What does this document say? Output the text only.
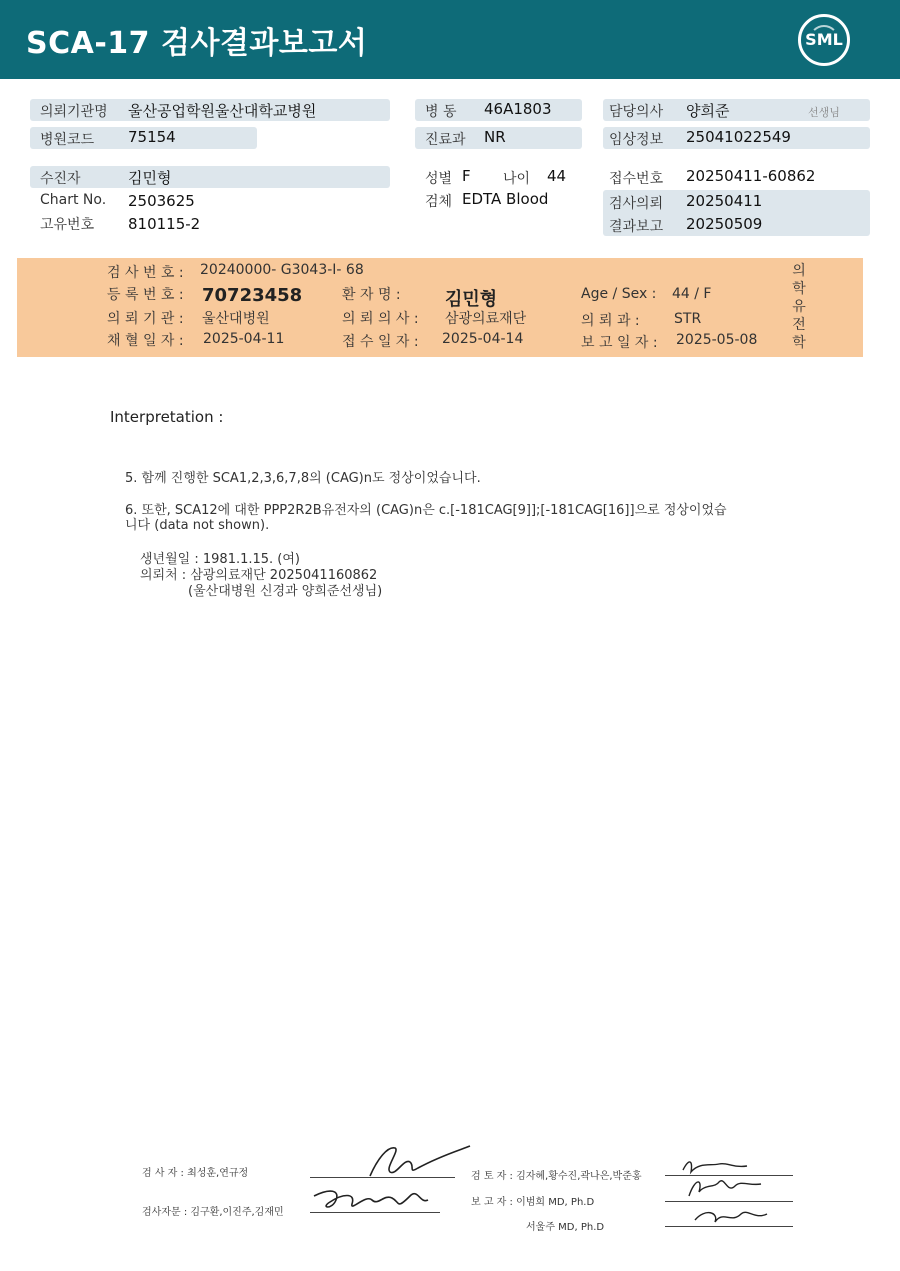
SCA-17 검사결과보고서	SML
의뢰기관명 울산공업학원울산대학교병원
병원코드 75154
병 동 46A1803
진료과 NR
담당의사 양희준	선생님
임상정보 25041022549
수진자	김민형
Chart No. 2503625
고유번호 810115-2
성별 F 나이 44
검체 EDTA Blood
접수번호 20250411-60862
검사의뢰 20250411
결과보고 20250509
검 사 번 호 : 20240000- G3043-I- 68
등 록 번 호 : 70723458	환 자 명 : 김민형	Age / Sex : 44 / F
의 뢰 기 관 : 울산대병원	의 뢰 의 사 : 삼광의료재단	의 뢰 과 : STR
채 혈 일 자 : 2025-04-11	접 수 일 자 : 2025-04-14	보 고 일 자 : 2025-05-08
의학유전학
Interpretation :
5. 함께 진행한 SCA1,2,3,6,7,8의 (CAG)n도 정상이었습니다.
6. 또한, SCA12에 대한 PPP2R2B유전자의 (CAG)n은 c.[-181CAG[9]];[-181CAG[16]]으로 정상이었습
니다 (data not shown).
생년월일 : 1981.1.15. (여)
의뢰처 : 삼광의료재단 2025041160862
(울산대병원 신경과 양희준선생님)
검 사 자 : 최성훈,연규정
검사자문 : 김구환,이진주,김재민
검 토 자 : 김자혜,황수진,곽나은,박준홍
보 고 자 : 이범희 MD, Ph.D
서울주 MD, Ph.D
